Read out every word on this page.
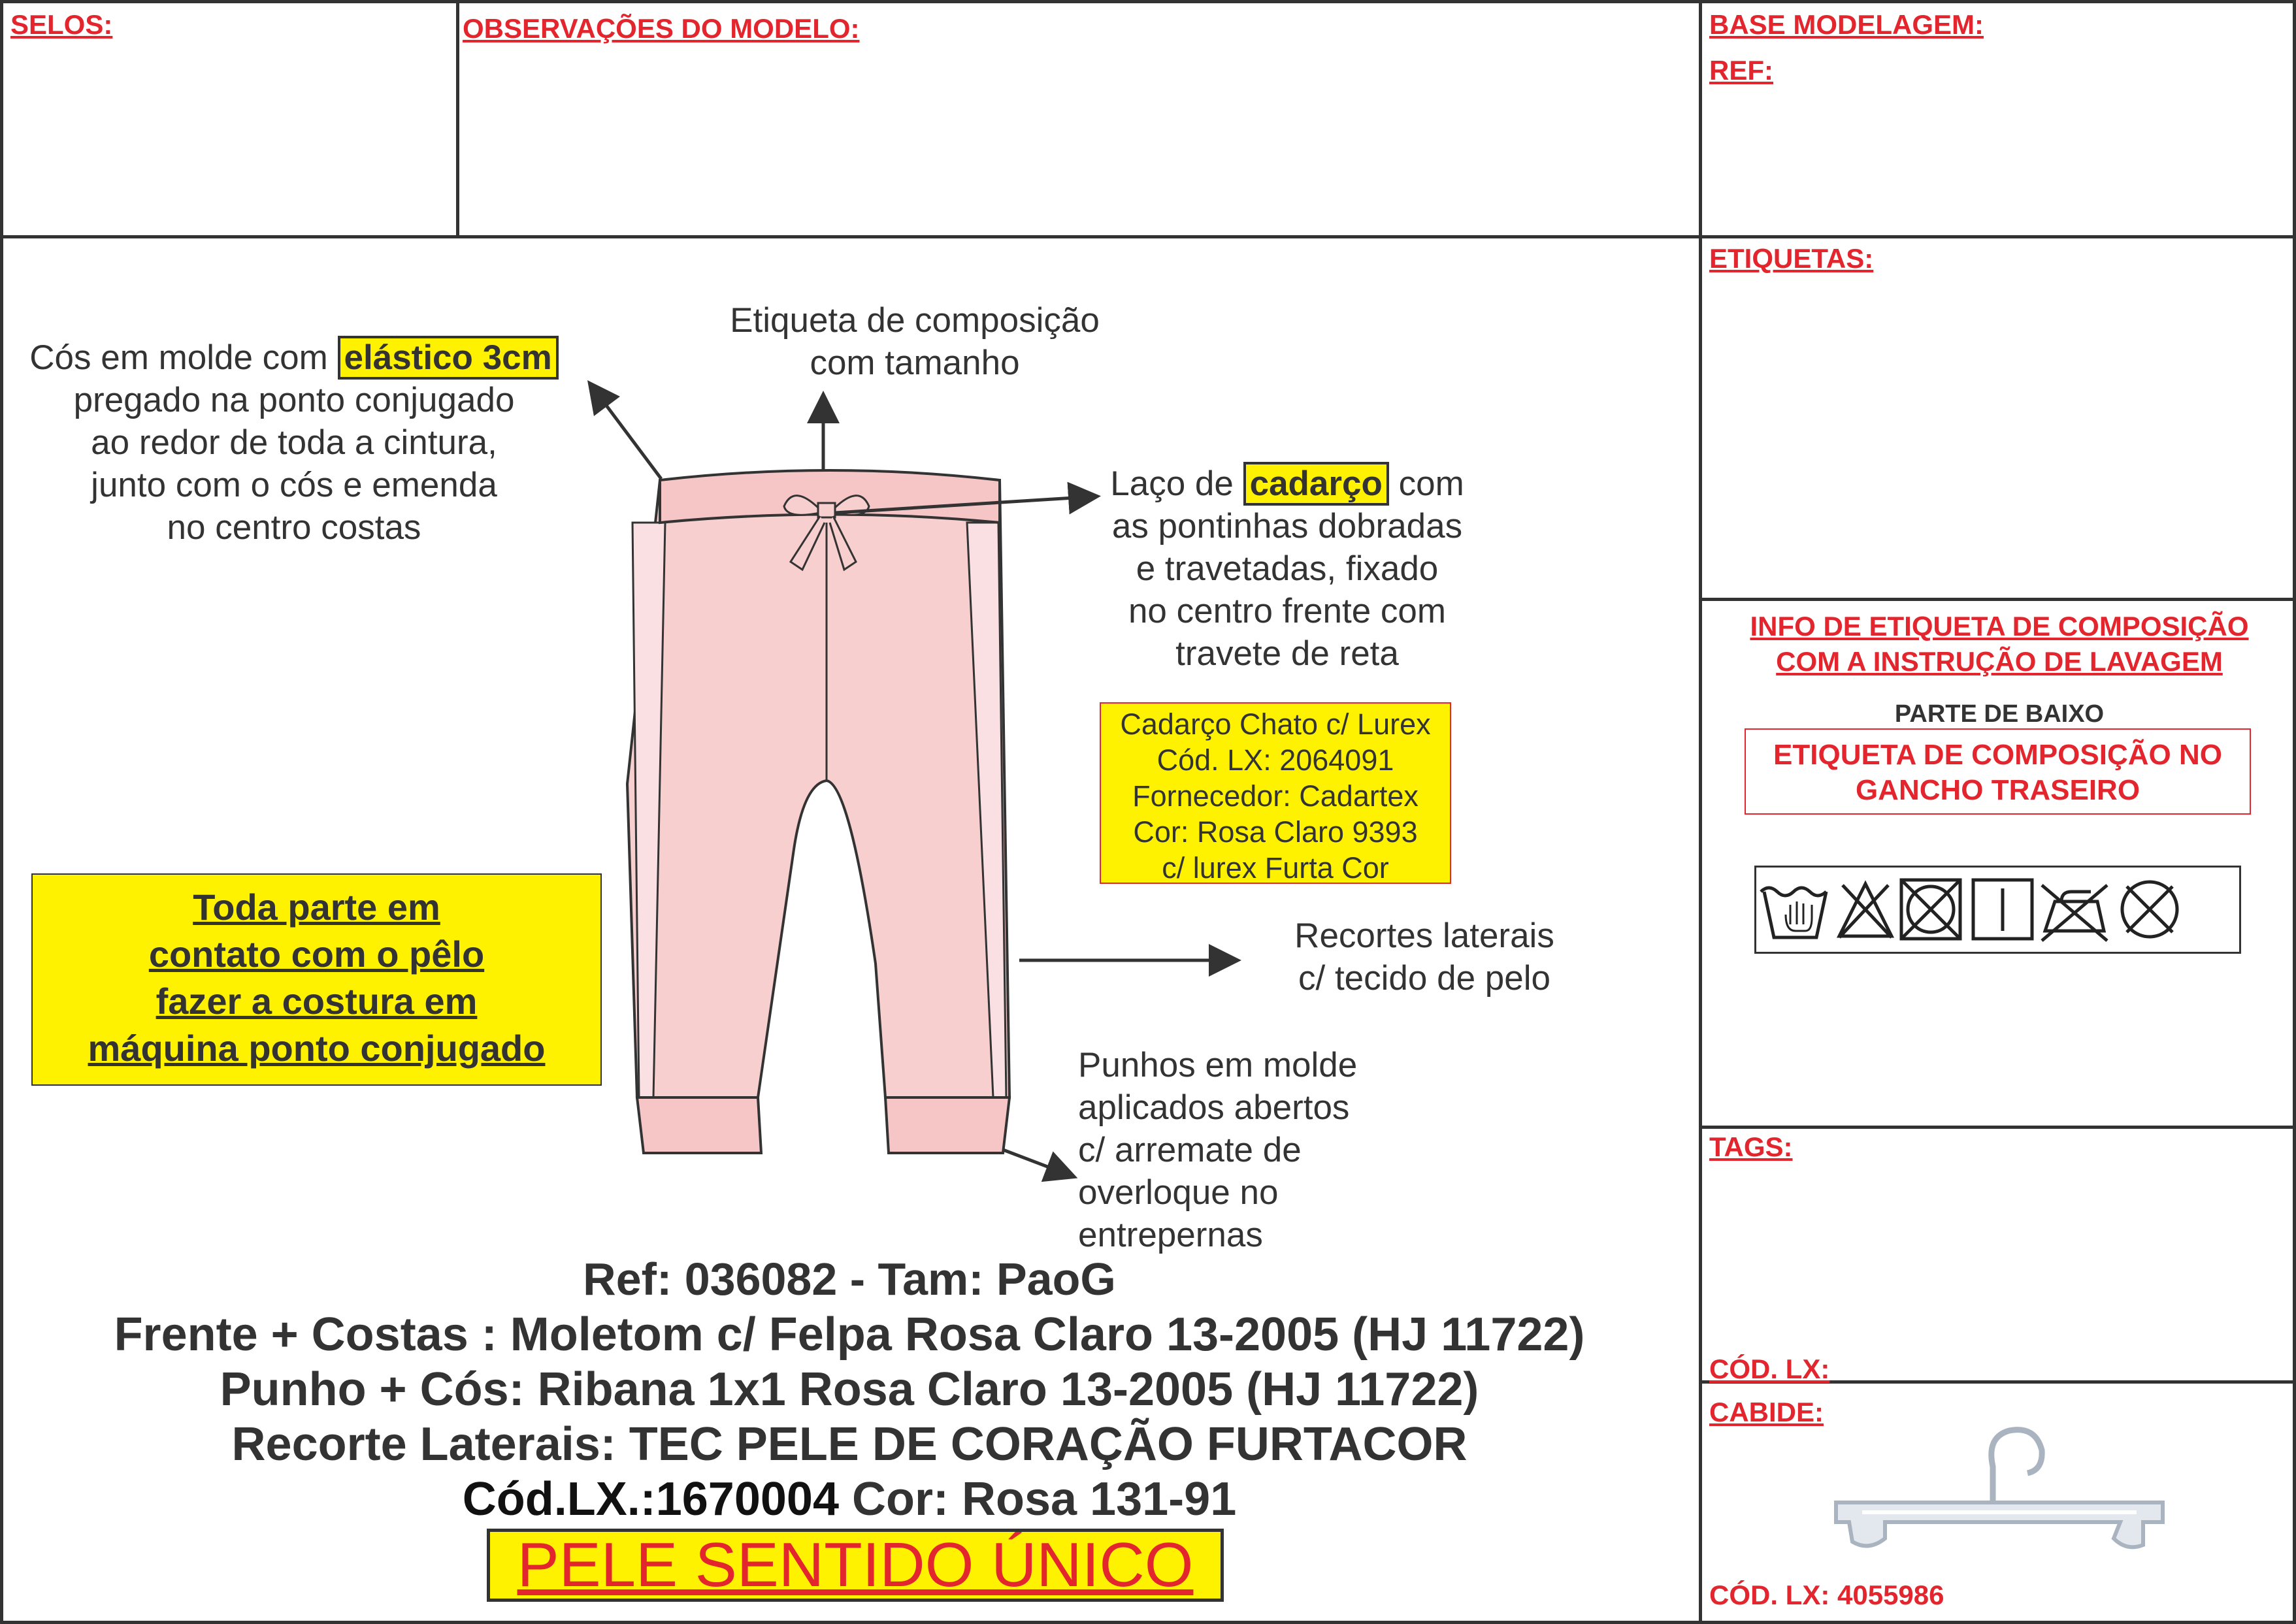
SELOS:	OBSERVAÇÕES DO MODELO:	BASE MODELAGEM:
REF:
ETIQUETAS:
INFO DE ETIQUETA DE COMPOSIÇÃO
COM A INSTRUÇÃO DE LAVAGEM
PARTE DE BAIXO
ETIQUETA DE COMPOSIÇÃO NO
GANCHO TRASEIRO
TAGS:
CÓD. LX:
CABIDE:
CÓD. LX: 4055986
Cós em molde com elástico 3cm
pregado na ponto conjugado
ao redor de toda a cintura,
junto com o cós e emenda
no centro costas
Etiqueta de composição
com tamanho
Laço de cadarço com
as pontinhas dobradas
e travetadas, fixado
no centro frente com
travete de reta
Cadarço Chato c/ Lurex
Cód. LX: 2064091
Fornecedor: Cadartex
Cor: Rosa Claro 9393
c/ lurex Furta Cor
Recortes laterais
c/ tecido de pelo
Punhos em molde
aplicados abertos
c/ arremate de
overloque no
entrepernas
Toda parte em
contato com o pêlo
fazer a costura em
máquina ponto conjugado
Ref: 036082 - Tam: PaoG
Frente + Costas : Moletom c/ Felpa Rosa Claro 13-2005 (HJ 11722)
Punho + Cós: Ribana 1x1 Rosa Claro 13-2005 (HJ 11722)
Recorte Laterais: TEC PELE DE CORAÇÃO FURTACOR
Cód.LX.:1670004 Cor: Rosa 131-91
PELE SENTIDO ÚNICO
